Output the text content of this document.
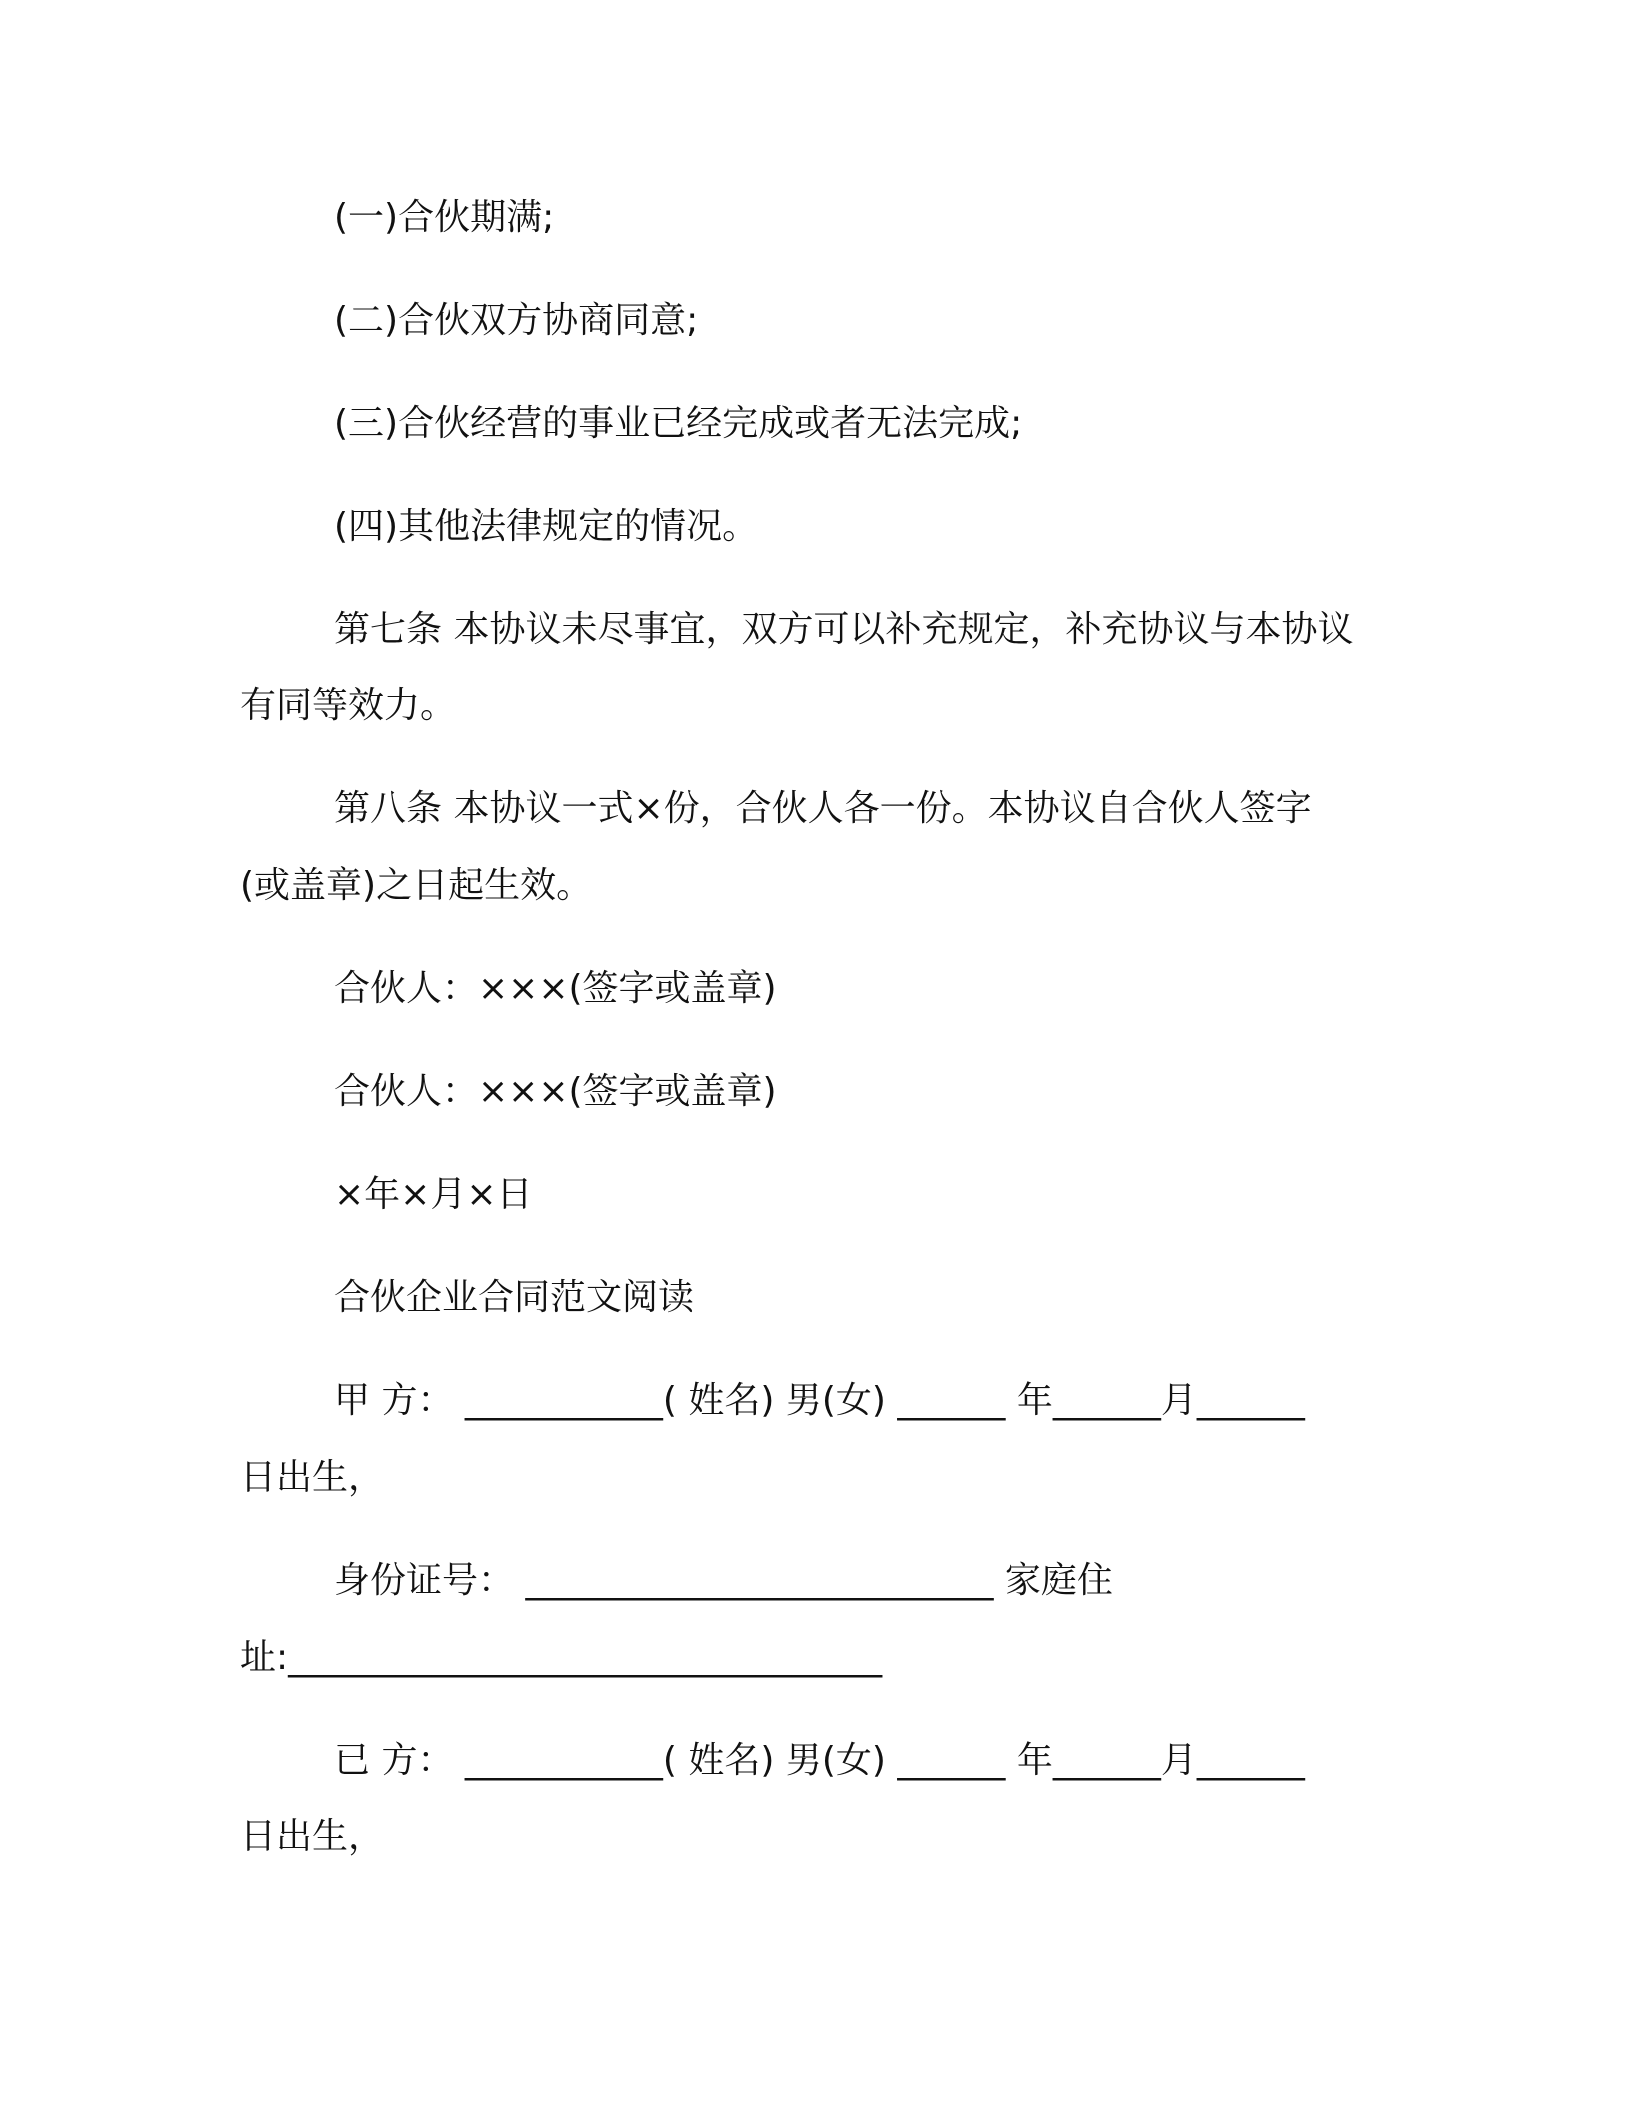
(一)合伙期满;

(二)合伙双方协商同意;

(三)合伙经营的事业已经完成或者无法完成;

(四)其他法律规定的情况。

第七条 本协议未尽事宜，双方可以补充规定，补充协议与本协议

有同等效力。

第八条 本协议一式×份，合伙人各一份。本协议自合伙人签字

(或盖章)之日起生效。

合伙人：×××(签字或盖章)

合伙人：×××(签字或盖章)

×年×月×日

合伙企业合同范文阅读

甲 方： ___________( 姓名) 男(女) ______ 年______月______

日出生，

身份证号： __________________________ 家庭住

址:_________________________________

已 方： ___________( 姓名) 男(女) ______ 年______月______

日出生，
